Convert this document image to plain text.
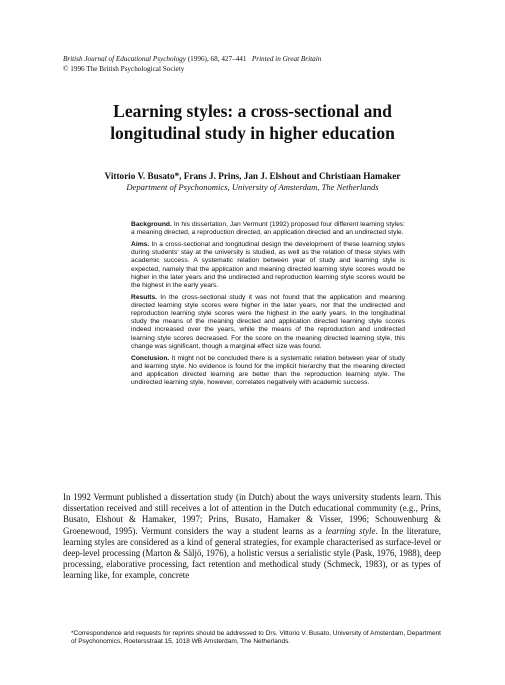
British Journal of Educational Psychology (1996), 68, 427–441 Printed in Great Britain
© 1996 The British Psychological Society
Learning styles: a cross-sectional and
longitudinal study in higher education
Vittorio V. Busato*, Frans J. Prins, Jan J. Elshout and Christiaan Hamaker
Department of Psychonomics, University of Amsterdam, The Netherlands

Background. In his dissertation, Jan Vermunt (1992) proposed four different learning styles: a meaning directed, a reproduction directed, an application directed and an undirected style.

Aims. In a cross-sectional and longitudinal design the development of these learning styles during students' stay at the university is studied, as well as the relation of these styles with academic success. A systematic relation between year of study and learning style is expected, namely that the application and meaning directed learning style scores would be higher in the later years and the undirected and reproduction learning style scores would be the highest in the early years.

Results. In the cross-sectional study it was not found that the application and meaning directed learning style scores were higher in the later years, nor that the undirected and reproduction learning style scores were the highest in the early years. In the longitudinal study the means of the meaning directed and application directed learning style scores indeed increased over the years, while the means of the reproduction and undirected learning style scores decreased. For the score on the meaning directed learning style, this change was significant, though a marginal effect size was found.

Conclusion. It might not be concluded there is a systematic relation between year of study and learning style. No evidence is found for the implicit hierarchy that the meaning directed and application directed learning are better than the reproduction learning style. The undirected learning style, however, correlates negatively with academic success.

In 1992 Vermunt published a dissertation study (in Dutch) about the ways university students learn. This dissertation received and still receives a lot of attention in the Dutch educational community (e.g., Prins, Busato, Elshout & Hamaker, 1997; Prins, Busato, Hamaker & Visser, 1996; Schouwenburg & Groenewoud, 1995). Vermunt considers the way a student learns as a learning style. In the literature, learning styles are considered as a kind of general strategies, for example characterised as surface-level or deep-level processing (Marton & Säljö, 1976), a holistic versus a serialistic style (Pask, 1976, 1988), deep processing, elaborative processing, fact retention and methodical study (Schmeck, 1983), or as types of learning like, for example, concrete

*Correspondence and requests for reprints should be addressed to Drs. Vittorio V. Busato, University of Amsterdam, Department of Psychonomics, Roetersstraat 15, 1018 WB Amsterdam, The Netherlands.
